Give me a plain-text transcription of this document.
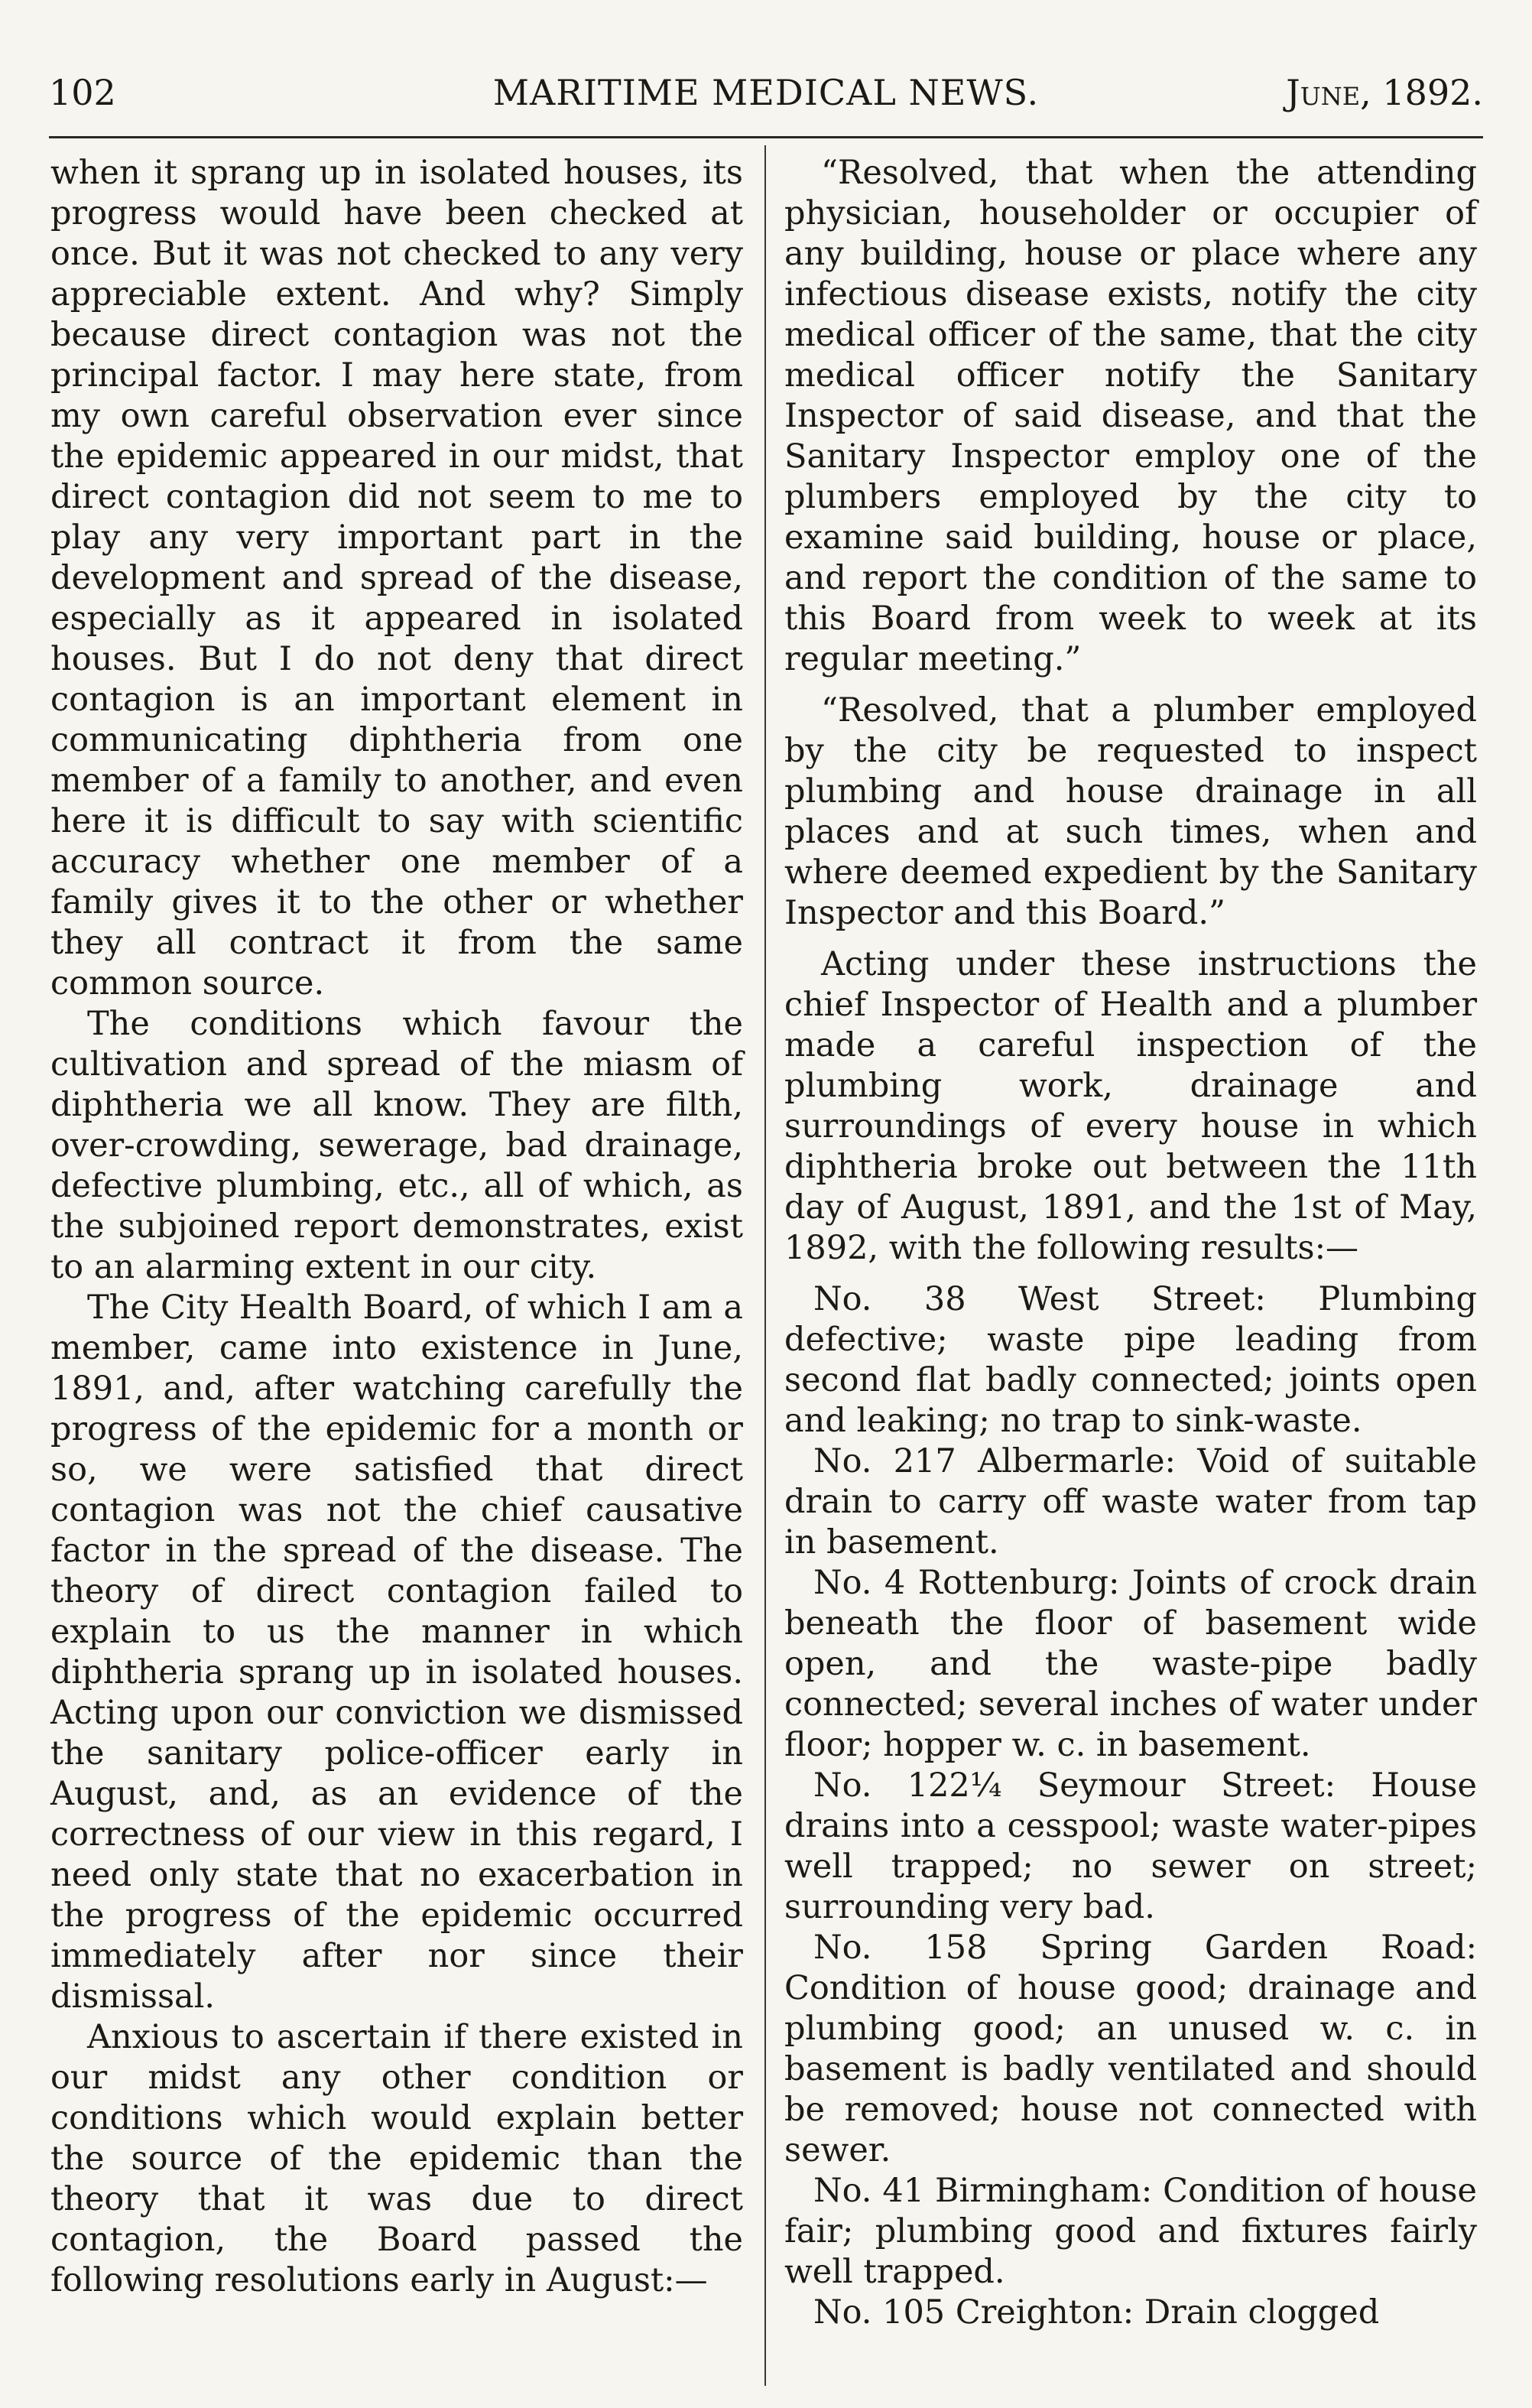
102	MARITIME MEDICAL NEWS.	June, 1892.

when it sprang up in isolated houses, its progress would have been checked at once. But it was not checked to any very appreciable extent. And why? Simply because direct contagion was not the principal factor. I may here state, from my own careful observation ever since the epidemic appeared in our midst, that direct contagion did not seem to me to play any very important part in the development and spread of the disease, especially as it appeared in isolated houses. But I do not deny that direct contagion is an important element in communicating diphtheria from one member of a family to another, and even here it is difficult to say with scientific accuracy whether one member of a family gives it to the other or whether they all contract it from the same common source.

The conditions which favour the cultivation and spread of the miasm of diphtheria we all know. They are filth, over-crowding, sewerage, bad drainage, defective plumbing, etc., all of which, as the subjoined report demonstrates, exist to an alarming extent in our city.

The City Health Board, of which I am a member, came into existence in June, 1891, and, after watching carefully the progress of the epidemic for a month or so, we were satisfied that direct contagion was not the chief causative factor in the spread of the disease. The theory of direct contagion failed to explain to us the manner in which diphtheria sprang up in isolated houses. Acting upon our conviction we dismissed the sanitary police-officer early in August, and, as an evidence of the correctness of our view in this regard, I need only state that no exacerbation in the progress of the epidemic occurred immediately after nor since their dismissal.

Anxious to ascertain if there existed in our midst any other condition or conditions which would explain better the source of the epidemic than the theory that it was due to direct contagion, the Board passed the following resolutions early in August:—

“Resolved, that when the attending physician, householder or occupier of any building, house or place where any infectious disease exists, notify the city medical officer of the same, that the city medical officer notify the Sanitary Inspector of said disease, and that the Sanitary Inspector employ one of the plumbers employed by the city to examine said building, house or place, and report the condition of the same to this Board from week to week at its regular meeting.”

“Resolved, that a plumber employed by the city be requested to inspect plumbing and house drainage in all places and at such times, when and where deemed expedient by the Sanitary Inspector and this Board.”

Acting under these instructions the chief Inspector of Health and a plumber made a careful inspection of the plumbing work, drainage and surroundings of every house in which diphtheria broke out between the 11th day of August, 1891, and the 1st of May, 1892, with the following results:—

No. 38 West Street: Plumbing defective; waste pipe leading from second flat badly connected; joints open and leaking; no trap to sink-waste.

No. 217 Albermarle: Void of suitable drain to carry off waste water from tap in basement.

No. 4 Rottenburg: Joints of crock drain beneath the floor of basement wide open, and the waste-pipe badly connected; several inches of water under floor; hopper w. c. in basement.

No. 122¼ Seymour Street: House drains into a cesspool; waste water-pipes well trapped; no sewer on street; surrounding very bad.

No. 158 Spring Garden Road: Condition of house good; drainage and plumbing good; an unused w. c. in basement is badly ventilated and should be removed; house not connected with sewer.

No. 41 Birmingham: Condition of house fair; plumbing good and fixtures fairly well trapped.

No. 105 Creighton: Drain clogged
